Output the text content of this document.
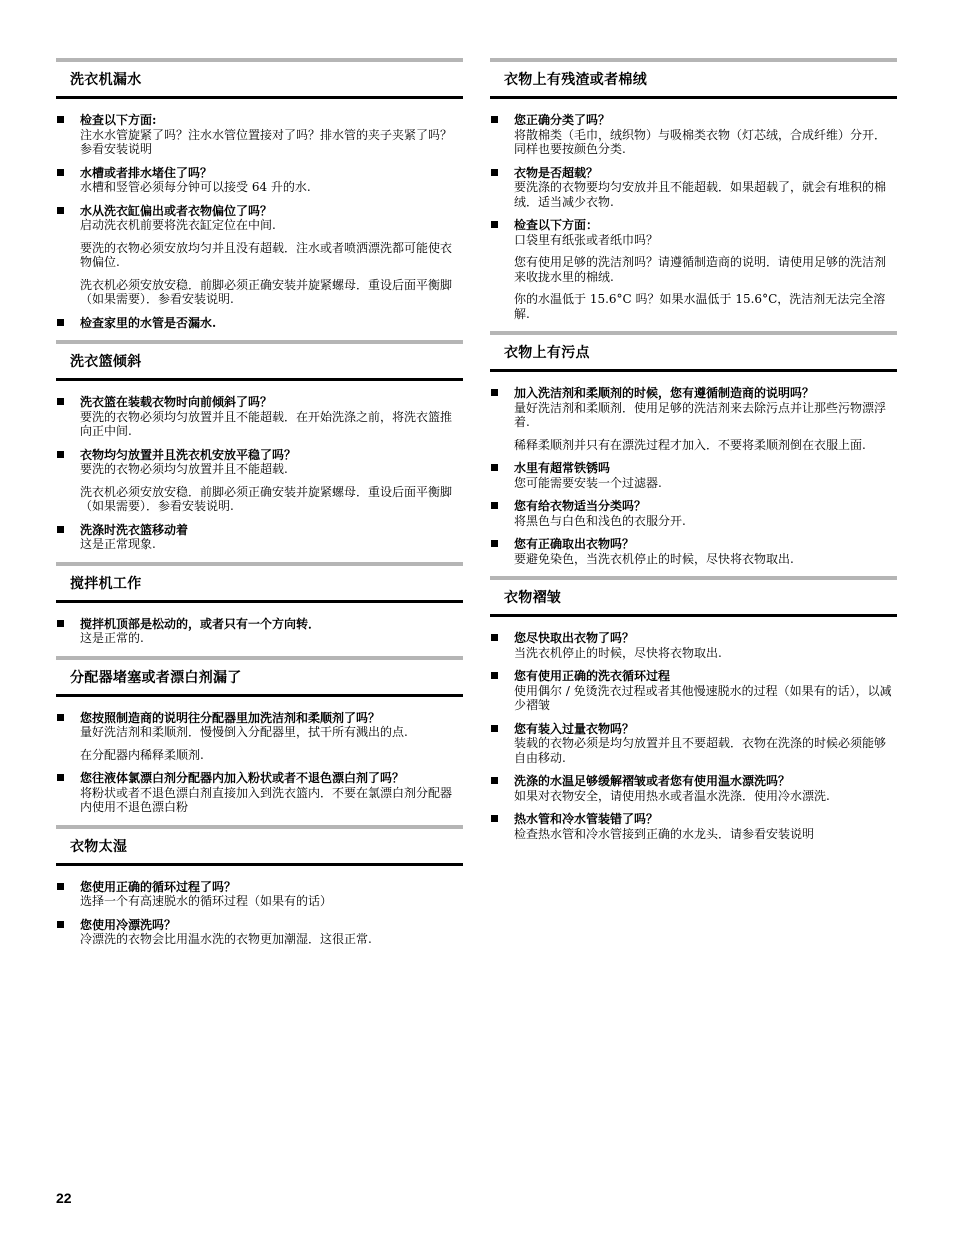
洗衣机漏水
检查以下方面:

注水水管旋紧了吗？注水水管位置接对了吗？排水管的夹子夹紧了吗？参看安装说明

水槽或者排水堵住了吗？

水槽和竖管必须每分钟可以接受 64 升的水.

水从洗衣缸偏出或者衣物偏位了吗？

启动洗衣机前要将洗衣缸定位在中间.

要洗的衣物必须安放均匀并且没有超载．注水或者喷洒漂洗都可能使衣物偏位.

洗衣机必须安放安稳．前脚必须正确安装并旋紧螺母．重设后面平衡脚（如果需要）．参看安装说明.

检查家里的水管是否漏水.
洗衣篮倾斜
洗衣篮在装载衣物时向前倾斜了吗？

要洗的衣物必须均匀放置并且不能超载．在开始洗涤之前，将洗衣篮推向正中间.

衣物均匀放置并且洗衣机安放平稳了吗？

要洗的衣物必须均匀放置并且不能超载.

洗衣机必须安放安稳．前脚必须正确安装并旋紧螺母．重设后面平衡脚（如果需要）．参看安装说明.

洗涤时洗衣篮移动着

这是正常现象.

搅拌机工作
搅拌机顶部是松动的，或者只有一个方向转．

这是正常的.

分配器堵塞或者漂白剂漏了
您按照制造商的说明往分配器里加洗洁剂和柔顺剂了吗？

量好洗洁剂和柔顺剂．慢慢倒入分配器里，拭干所有溅出的点.

在分配器内稀释柔顺剂.

您往液体氯漂白剂分配器内加入粉状或者不退色漂白剂了吗？

将粉状或者不退色漂白剂直接加入到洗衣篮内．不要在氯漂白剂分配器内使用不退色漂白粉

衣物太湿
您使用正确的循环过程了吗？

选择一个有高速脱水的循环过程（如果有的话）

您使用冷漂洗吗？

冷漂洗的衣物会比用温水洗的衣物更加潮湿．这很正常.

衣物上有残渣或者棉绒
您正确分类了吗？

将散棉类（毛巾，绒织物）与吸棉类衣物（灯芯绒，合成纤维）分开．同样也要按颜色分类.

衣物是否超载？

要洗涤的衣物要均匀安放并且不能超载．如果超载了，就会有堆积的棉绒．适当减少衣物.

检查以下方面：

口袋里有纸张或者纸巾吗？

您有使用足够的洗洁剂吗？请遵循制造商的说明．请使用足够的洗洁剂来收拢水里的棉绒.

你的水温低于 15.6°C 吗？如果水温低于 15.6°C，洗洁剂无法完全溶解.

衣物上有污点
加入洗洁剂和柔顺剂的时候，您有遵循制造商的说明吗？

量好洗洁剂和柔顺剂．使用足够的洗洁剂来去除污点并让那些污物漂浮着.

稀释柔顺剂并只有在漂洗过程才加入．不要将柔顺剂倒在衣服上面.

水里有超常铁锈吗

您可能需要安装一个过滤器.

您有给衣物适当分类吗？

将黑色与白色和浅色的衣服分开.

您有正确取出衣物吗？

要避免染色，当洗衣机停止的时候，尽快将衣物取出.

衣物褶皱
您尽快取出衣物了吗？

当洗衣机停止的时候，尽快将衣物取出.

您有使用正确的洗衣循环过程

使用偶尔 / 免烫洗衣过程或者其他慢速脱水的过程（如果有的话），以减少褶皱

您有装入过量衣物吗？

装载的衣物必须是均匀放置并且不要超载．衣物在洗涤的时候必须能够自由移动.

洗涤的水温足够缓解褶皱或者您有使用温水漂洗吗？

如果对衣物安全，请使用热水或者温水洗涤．使用冷水漂洗.

热水管和冷水管装错了吗？

检查热水管和冷水管接到正确的水龙头．请参看安装说明

22
